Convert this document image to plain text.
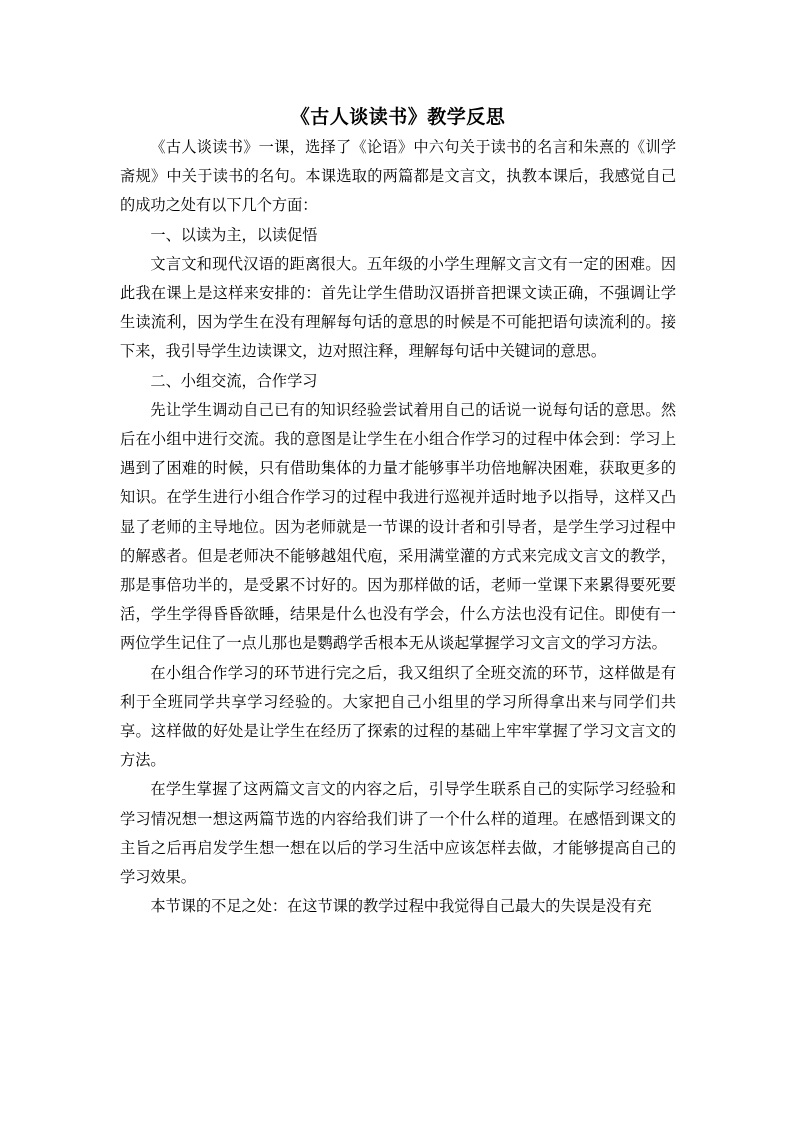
《古人谈读书》教学反思

《古人谈读书》一课，选择了《论语》中六句关于读书的名言和朱熹的《训学斋规》中关于读书的名句。本课选取的两篇都是文言文，执教本课后，我感觉自己的成功之处有以下几个方面：

一、以读为主，以读促悟

文言文和现代汉语的距离很大。五年级的小学生理解文言文有一定的困难。因此我在课上是这样来安排的：首先让学生借助汉语拼音把课文读正确，不强调让学生读流利，因为学生在没有理解每句话的意思的时候是不可能把语句读流利的。接下来，我引导学生边读课文，边对照注释，理解每句话中关键词的意思。

二、小组交流，合作学习

先让学生调动自己已有的知识经验尝试着用自己的话说一说每句话的意思。然后在小组中进行交流。我的意图是让学生在小组合作学习的过程中体会到：学习上遇到了困难的时候，只有借助集体的力量才能够事半功倍地解决困难，获取更多的知识。在学生进行小组合作学习的过程中我进行巡视并适时地予以指导，这样又凸显了老师的主导地位。因为老师就是一节课的设计者和引导者，是学生学习过程中的解惑者。但是老师决不能够越俎代庖，采用满堂灌的方式来完成文言文的教学，那是事倍功半的，是受累不讨好的。因为那样做的话，老师一堂课下来累得要死要活，学生学得昏昏欲睡，结果是什么也没有学会，什么方法也没有记住。即使有一两位学生记住了一点儿那也是鹦鹉学舌根本无从谈起掌握学习文言文的学习方法。

在小组合作学习的环节进行完之后，我又组织了全班交流的环节，这样做是有利于全班同学共享学习经验的。大家把自己小组里的学习所得拿出来与同学们共享。这样做的好处是让学生在经历了探索的过程的基础上牢牢掌握了学习文言文的方法。

在学生掌握了这两篇文言文的内容之后，引导学生联系自己的实际学习经验和学习情况想一想这两篇节选的内容给我们讲了一个什么样的道理。在感悟到课文的主旨之后再启发学生想一想在以后的学习生活中应该怎样去做，才能够提高自己的学习效果。

本节课的不足之处：在这节课的教学过程中我觉得自己最大的失误是没有充
